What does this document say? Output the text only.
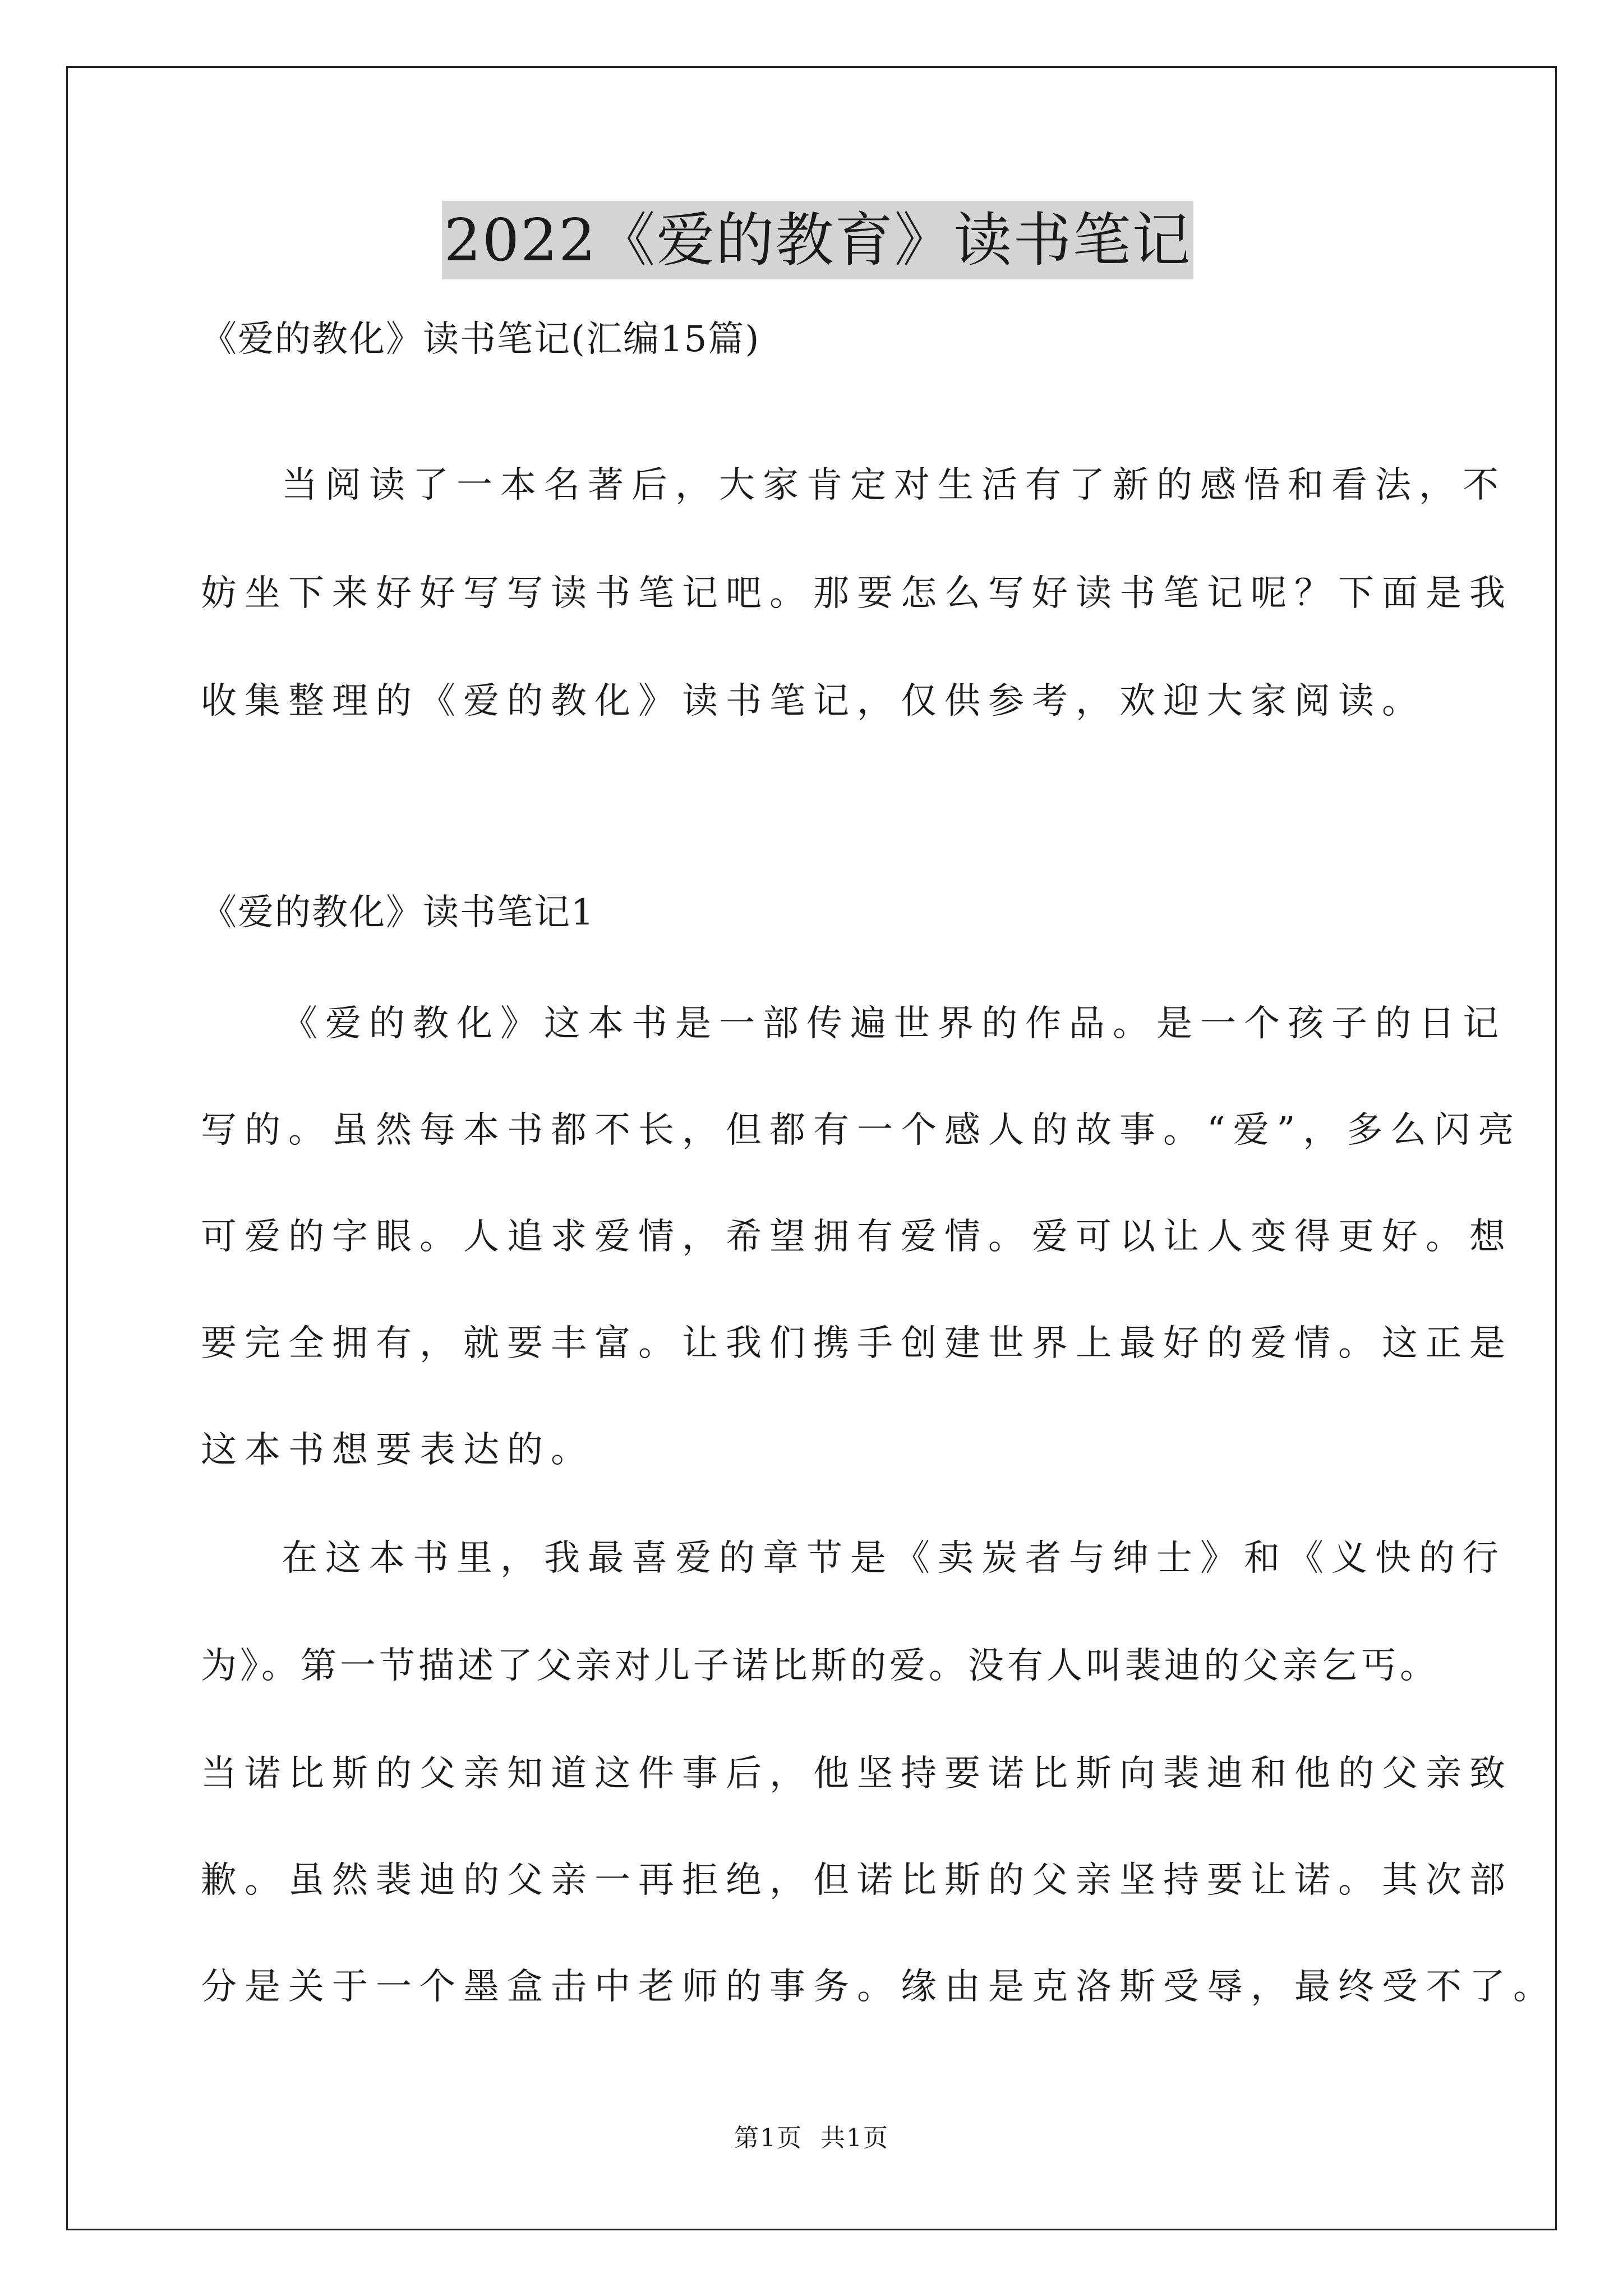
2022《爱的教育》读书笔记
《爱的教化》读书笔记(汇编15篇)
当阅读了一本名著后，大家肯定对生活有了新的感悟和看法，不
妨坐下来好好写写读书笔记吧。那要怎么写好读书笔记呢？下面是我
收集整理的《爱的教化》读书笔记，仅供参考，欢迎大家阅读。
《爱的教化》读书笔记1
《爱的教化》这本书是一部传遍世界的作品。是一个孩子的日记
写的。虽然每本书都不长，但都有一个感人的故事。“爱”，多么闪亮
可爱的字眼。人追求爱情，希望拥有爱情。爱可以让人变得更好。想
要完全拥有，就要丰富。让我们携手创建世界上最好的爱情。这正是
这本书想要表达的。
在这本书里，我最喜爱的章节是《卖炭者与绅士》和《义快的行
为》。第一节描述了父亲对儿子诺比斯的爱。没有人叫裴迪的父亲乞丐。
当诺比斯的父亲知道这件事后，他坚持要诺比斯向裴迪和他的父亲致
歉。虽然裴迪的父亲一再拒绝，但诺比斯的父亲坚持要让诺。其次部
分是关于一个墨盒击中老师的事务。缘由是克洛斯受辱，最终受不了。
第1页 共1页
